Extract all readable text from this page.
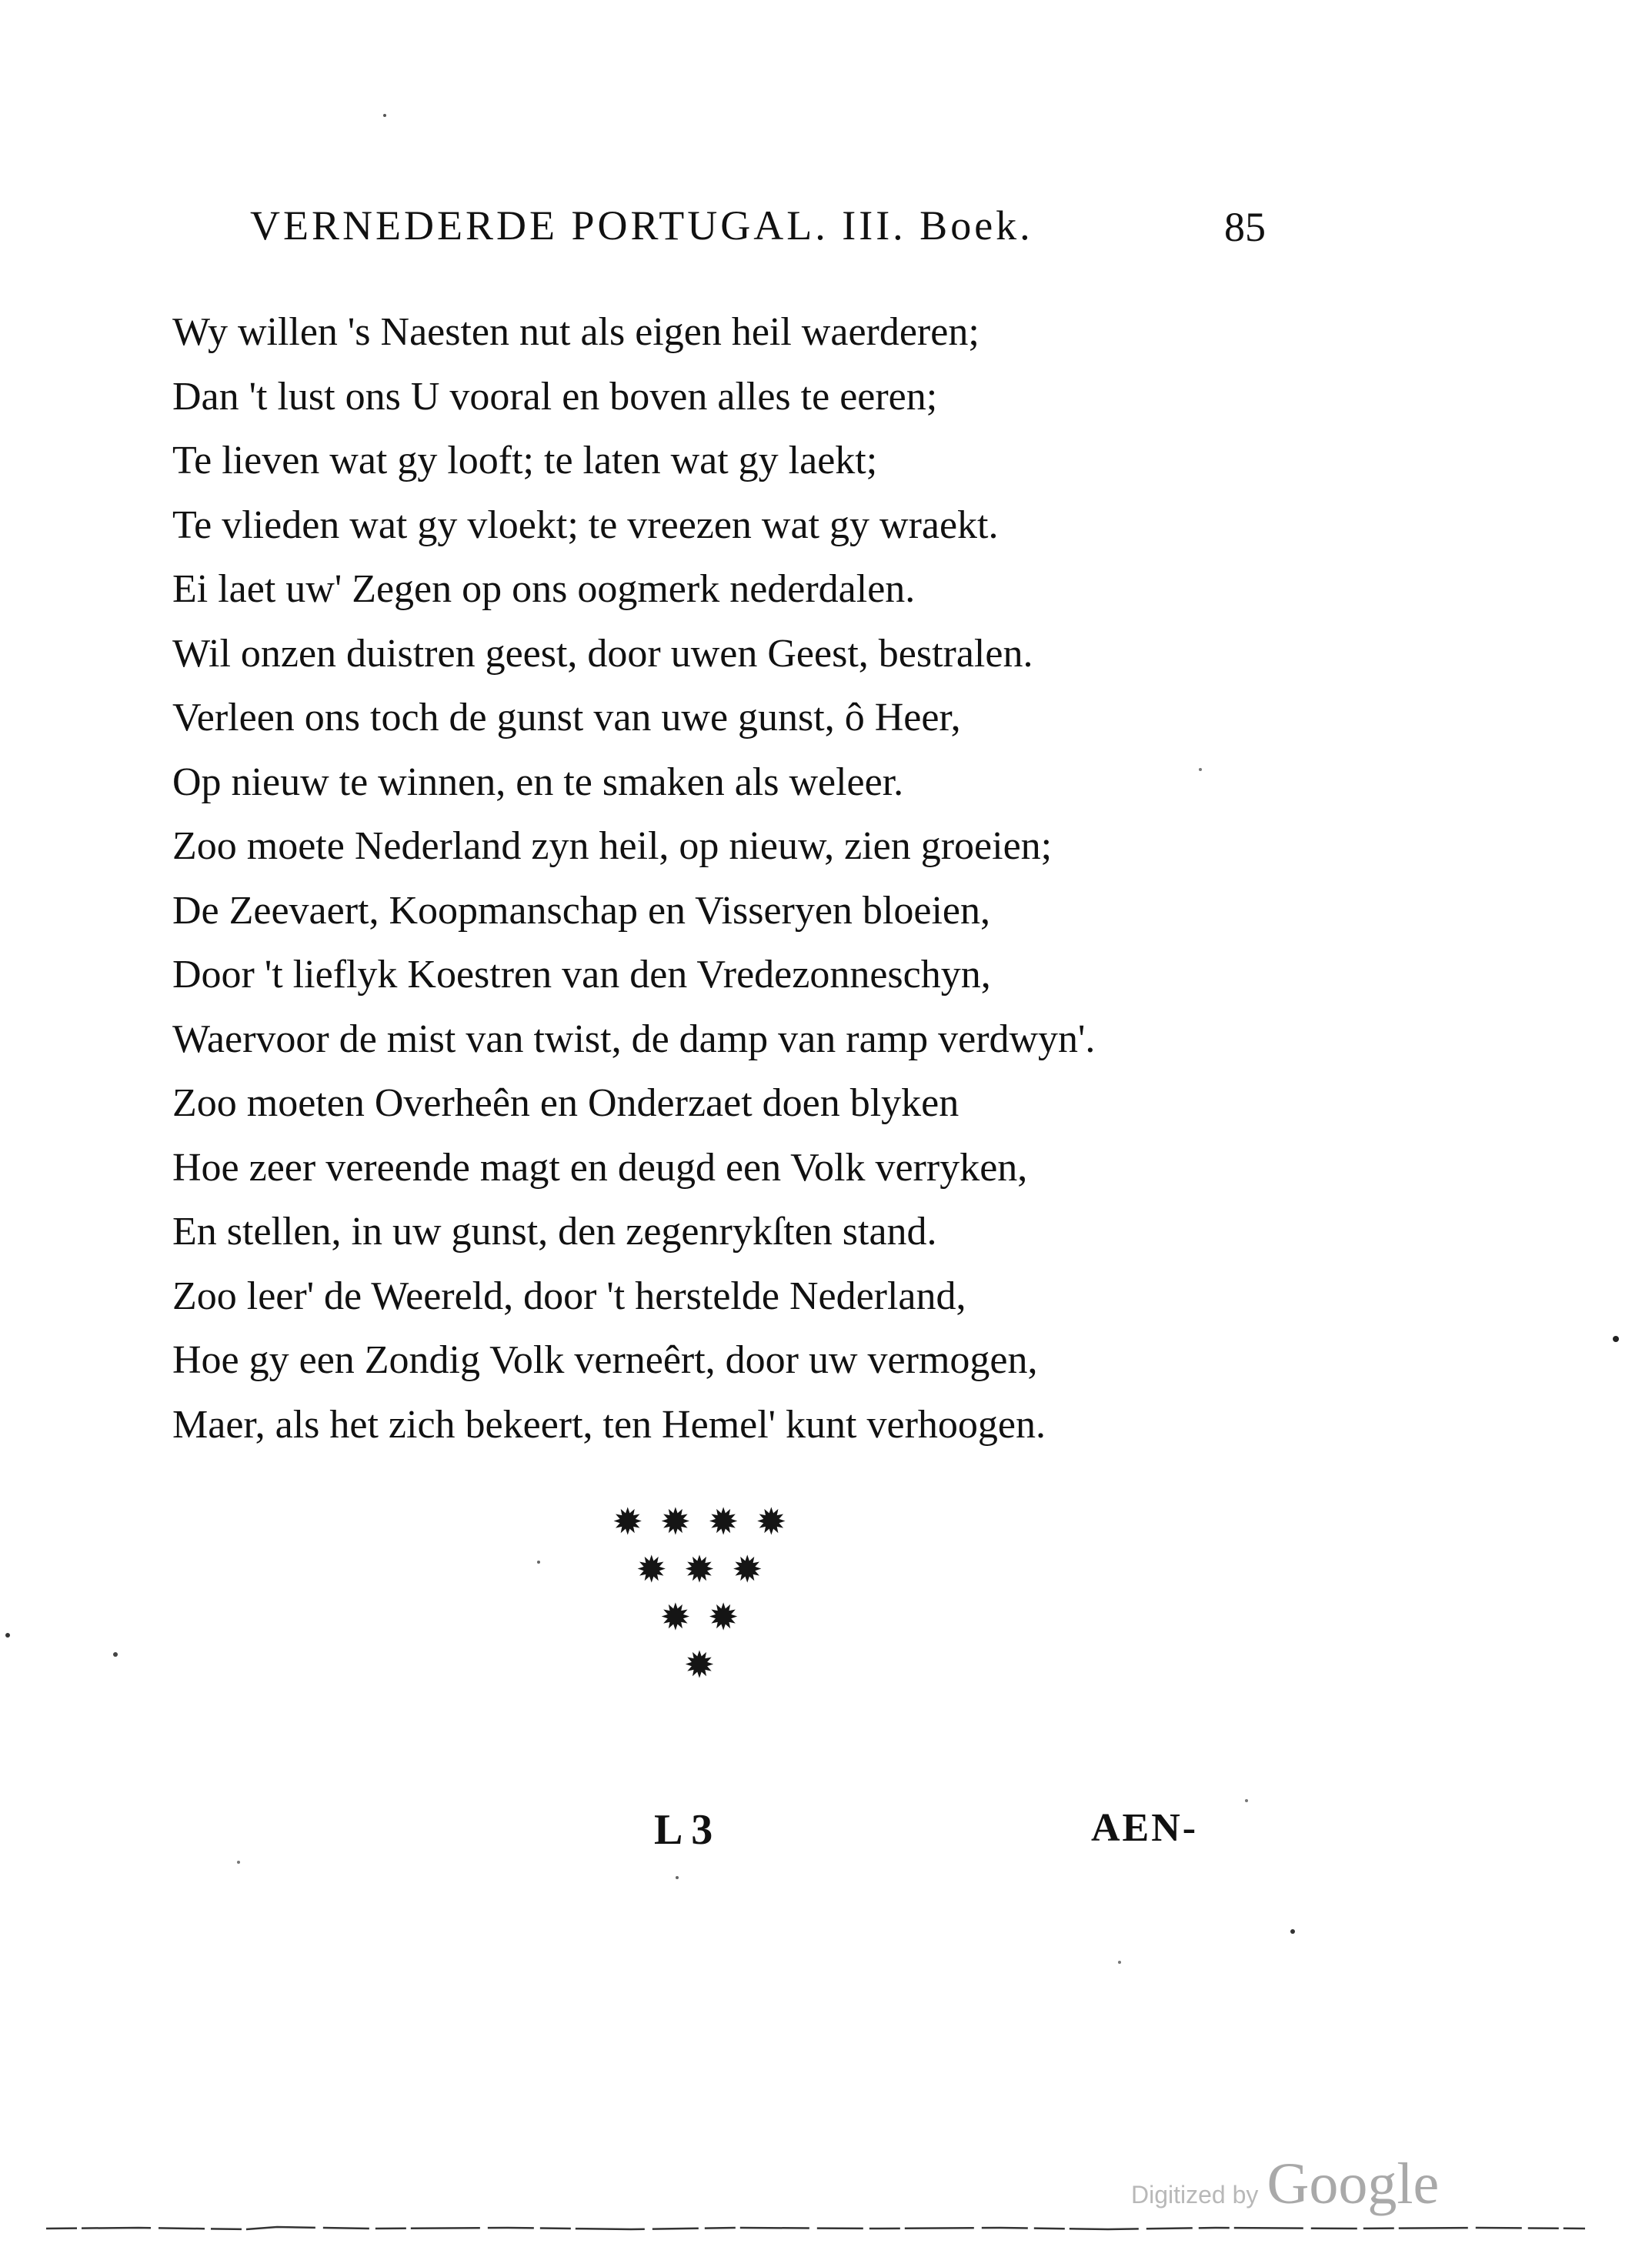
VERNEDERDE PORTUGAL. III. Boek.	85
Wy willen 's Naesten nut als eigen heil waerderen;
Dan 't lust ons U vooral en boven alles te eeren;
Te lieven wat gy looft; te laten wat gy laekt;
Te vlieden wat gy vloekt; te vreezen wat gy wraekt.
Ei laet uw' Zegen op ons oogmerk nederdalen.
Wil onzen duistren geest, door uwen Geest, bestralen.
Verleen ons toch de gunst van uwe gunst, ô Heer,
Op nieuw te winnen, en te smaken als weleer.
Zoo moete Nederland zyn heil, op nieuw, zien groeien;
De Zeevaert, Koopmanschap en Visseryen bloeien,
Door 't lieflyk Koestren van den Vredezonneschyn,
Waervoor de mist van twist, de damp van ramp verdwyn'.
Zoo moeten Overheên en Onderzaet doen blyken
Hoe zeer vereende magt en deugd een Volk verryken,
En stellen, in uw gunst, den zegenrykſten stand.
Zoo leer' de Weereld, door 't herstelde Nederland,
Hoe gy een Zondig Volk verneêrt, door uw vermogen,
Maer, als het zich bekeert, ten Hemel' kunt verhoogen.
✹✹✹✹
✹✹✹
✹✹
✹
L 3	AEN-
Digitized by Google
